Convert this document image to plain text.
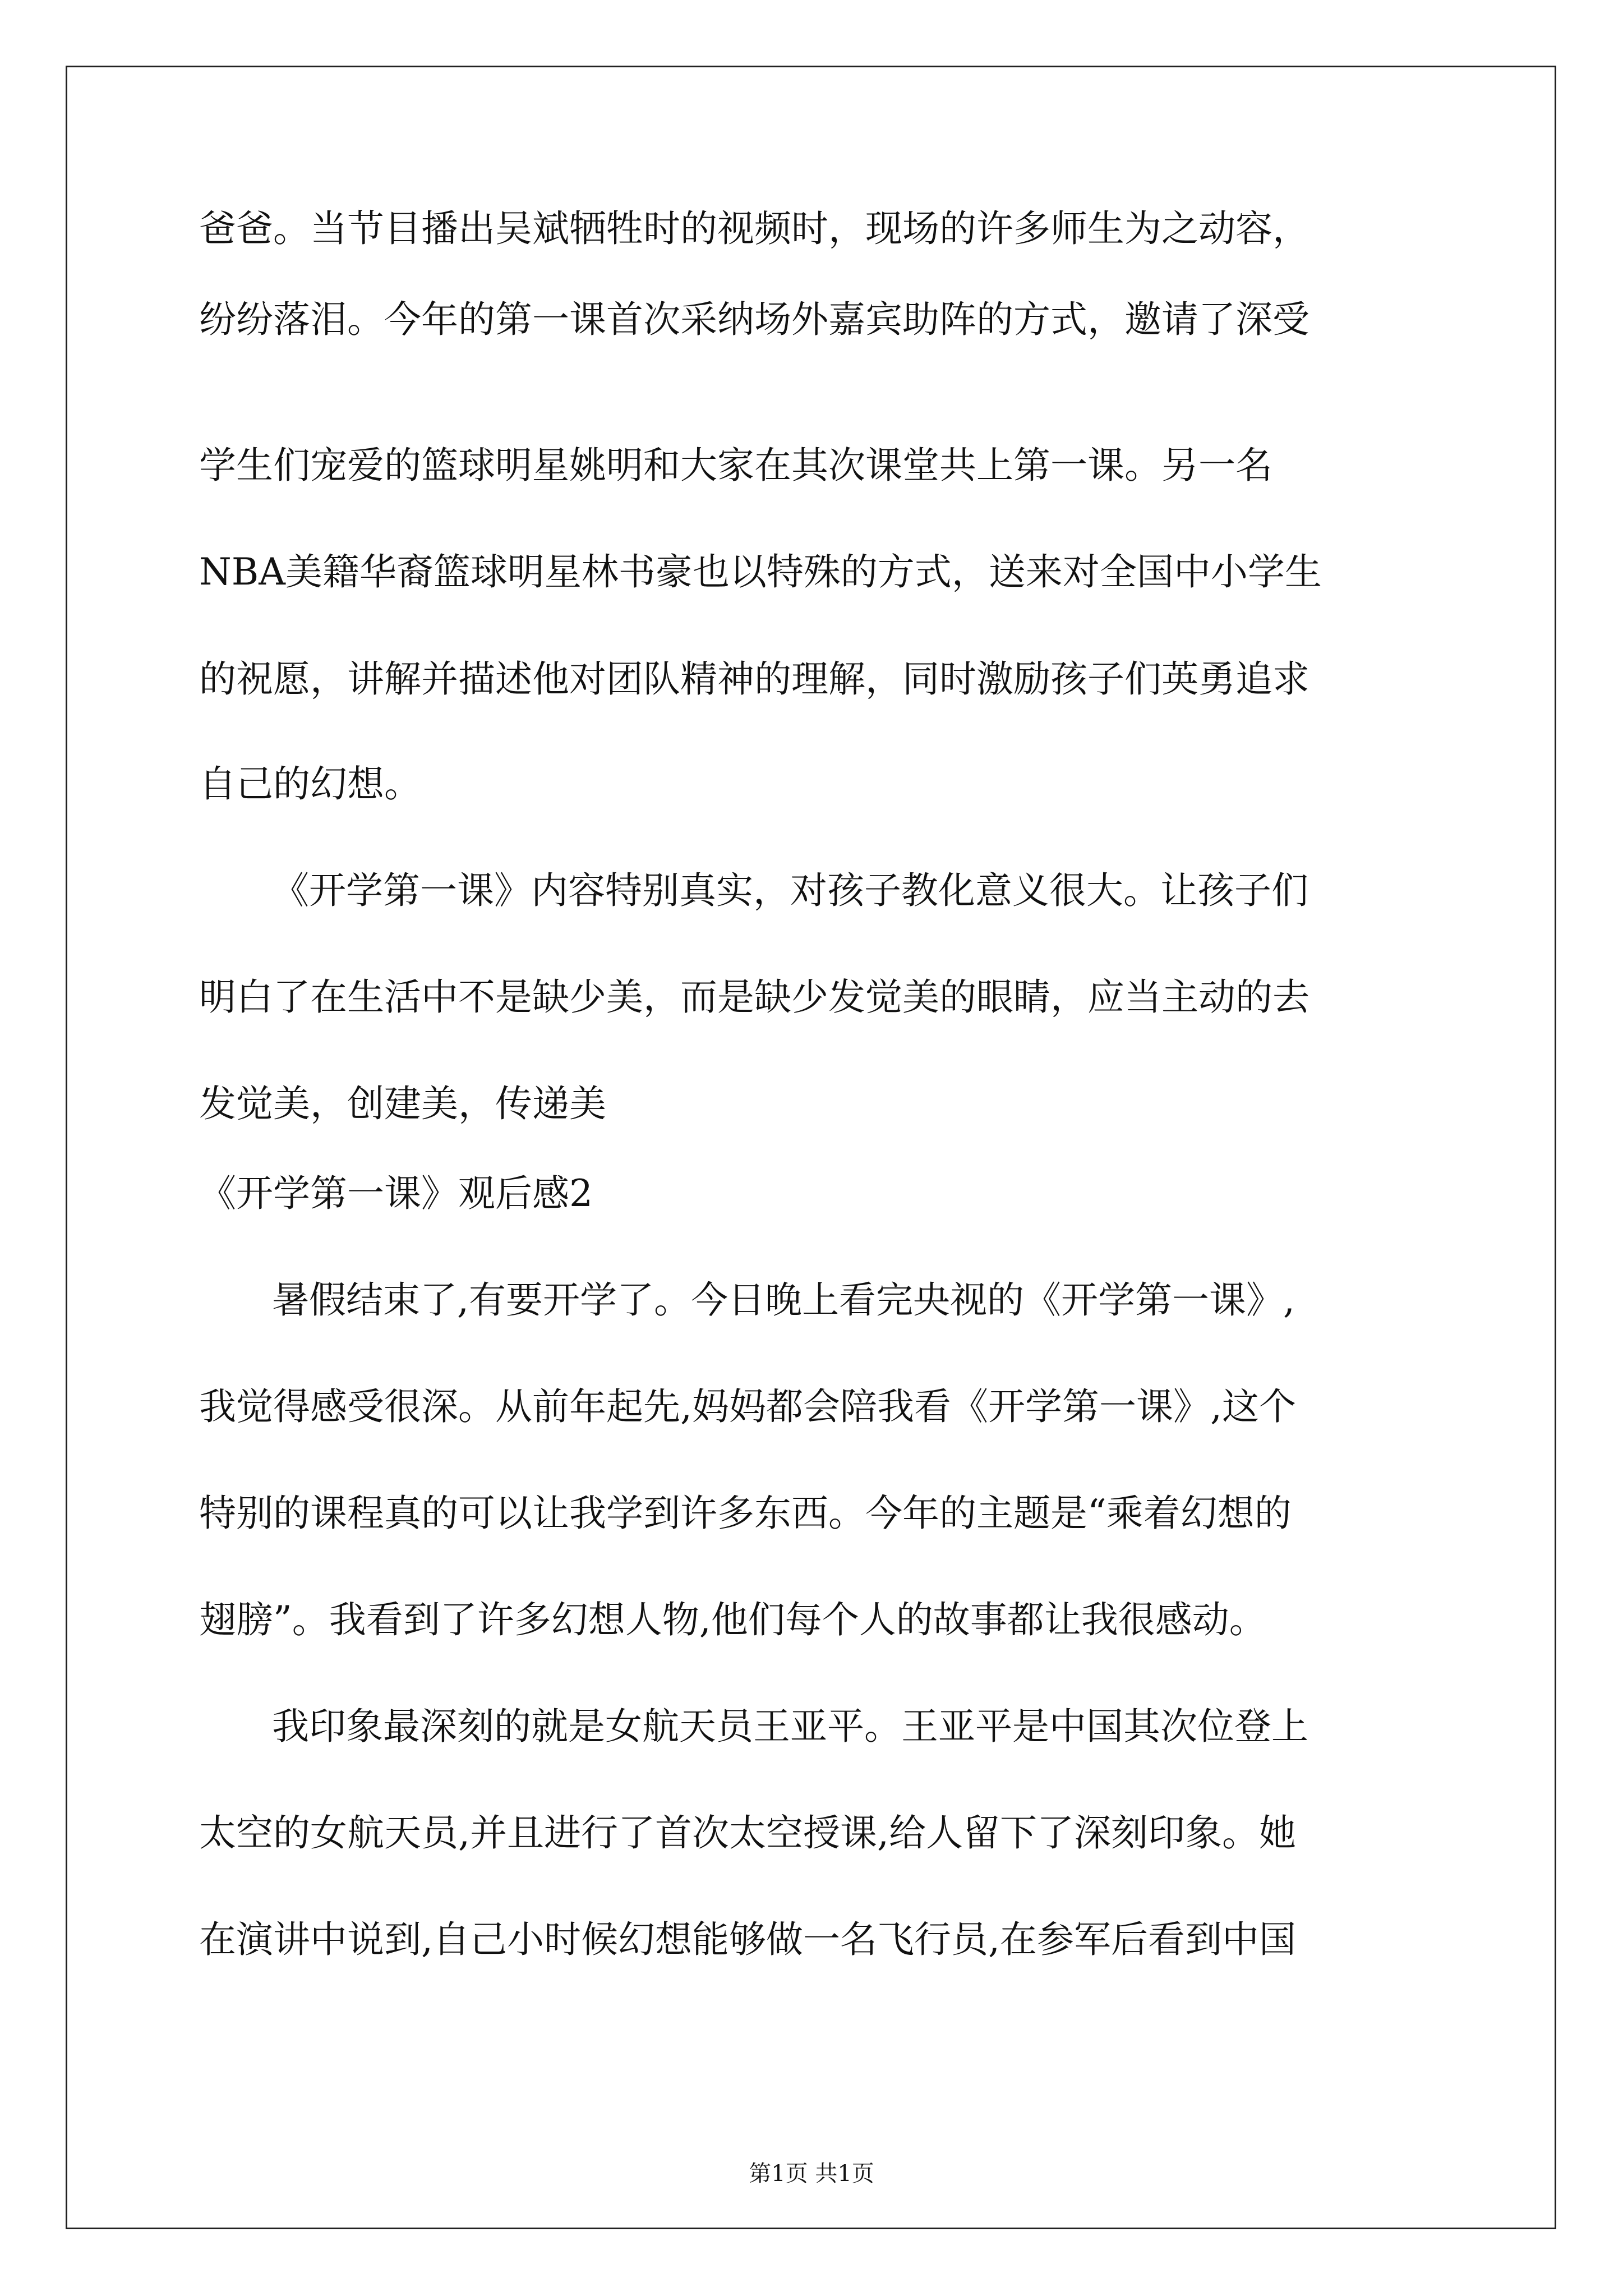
爸爸。当节目播出吴斌牺牲时的视频时，现场的许多师生为之动容，
纷纷落泪。今年的第一课首次采纳场外嘉宾助阵的方式，邀请了深受
学生们宠爱的篮球明星姚明和大家在其次课堂共上第一课。另一名
NBA美籍华裔篮球明星林书豪也以特殊的方式，送来对全国中小学生
的祝愿，讲解并描述他对团队精神的理解，同时激励孩子们英勇追求
自己的幻想。
《开学第一课》内容特别真实，对孩子教化意义很大。让孩子们
明白了在生活中不是缺少美，而是缺少发觉美的眼睛，应当主动的去
发觉美，创建美，传递美
《开学第一课》观后感2
暑假结束了,有要开学了。今日晚上看完央视的《开学第一课》,
我觉得感受很深。从前年起先,妈妈都会陪我看《开学第一课》,这个
特别的课程真的可以让我学到许多东西。今年的主题是“乘着幻想的
翅膀”。我看到了许多幻想人物,他们每个人的故事都让我很感动。
我印象最深刻的就是女航天员王亚平。王亚平是中国其次位登上
太空的女航天员,并且进行了首次太空授课,给人留下了深刻印象。她
在演讲中说到,自己小时候幻想能够做一名飞行员,在参军后看到中国
第1页 共1页
